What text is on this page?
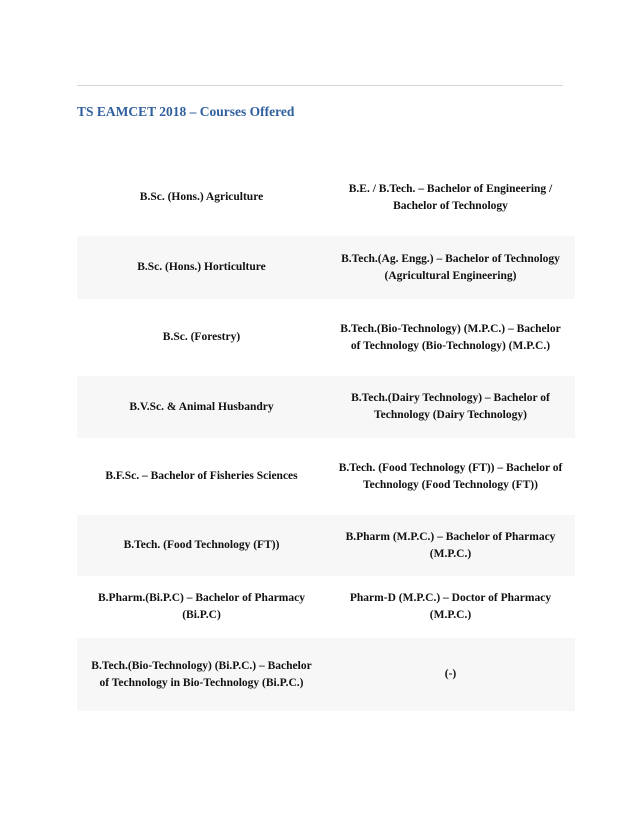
TS EAMCET 2018 – Courses Offered
B.Sc. (Hons.) Agriculture	B.E. / B.Tech. – Bachelor of Engineering / Bachelor of Technology
B.Sc. (Hons.) Horticulture	B.Tech.(Ag. Engg.) – Bachelor of Technology (Agricultural Engineering)
B.Sc. (Forestry)	B.Tech.(Bio-Technology) (M.P.C.) – Bachelor of Technology (Bio-Technology) (M.P.C.)
B.V.Sc. & Animal Husbandry	B.Tech.(Dairy Technology) – Bachelor of Technology (Dairy Technology)
B.F.Sc. – Bachelor of Fisheries Sciences	B.Tech. (Food Technology (FT)) – Bachelor of Technology (Food Technology (FT))
B.Tech. (Food Technology (FT))	B.Pharm (M.P.C.) – Bachelor of Pharmacy (M.P.C.)
B.Pharm.(Bi.P.C) – Bachelor of Pharmacy (Bi.P.C)	Pharm-D (M.P.C.) – Doctor of Pharmacy (M.P.C.)
B.Tech.(Bio-Technology) (Bi.P.C.) – Bachelor of Technology in Bio-Technology (Bi.P.C.)	(-)
